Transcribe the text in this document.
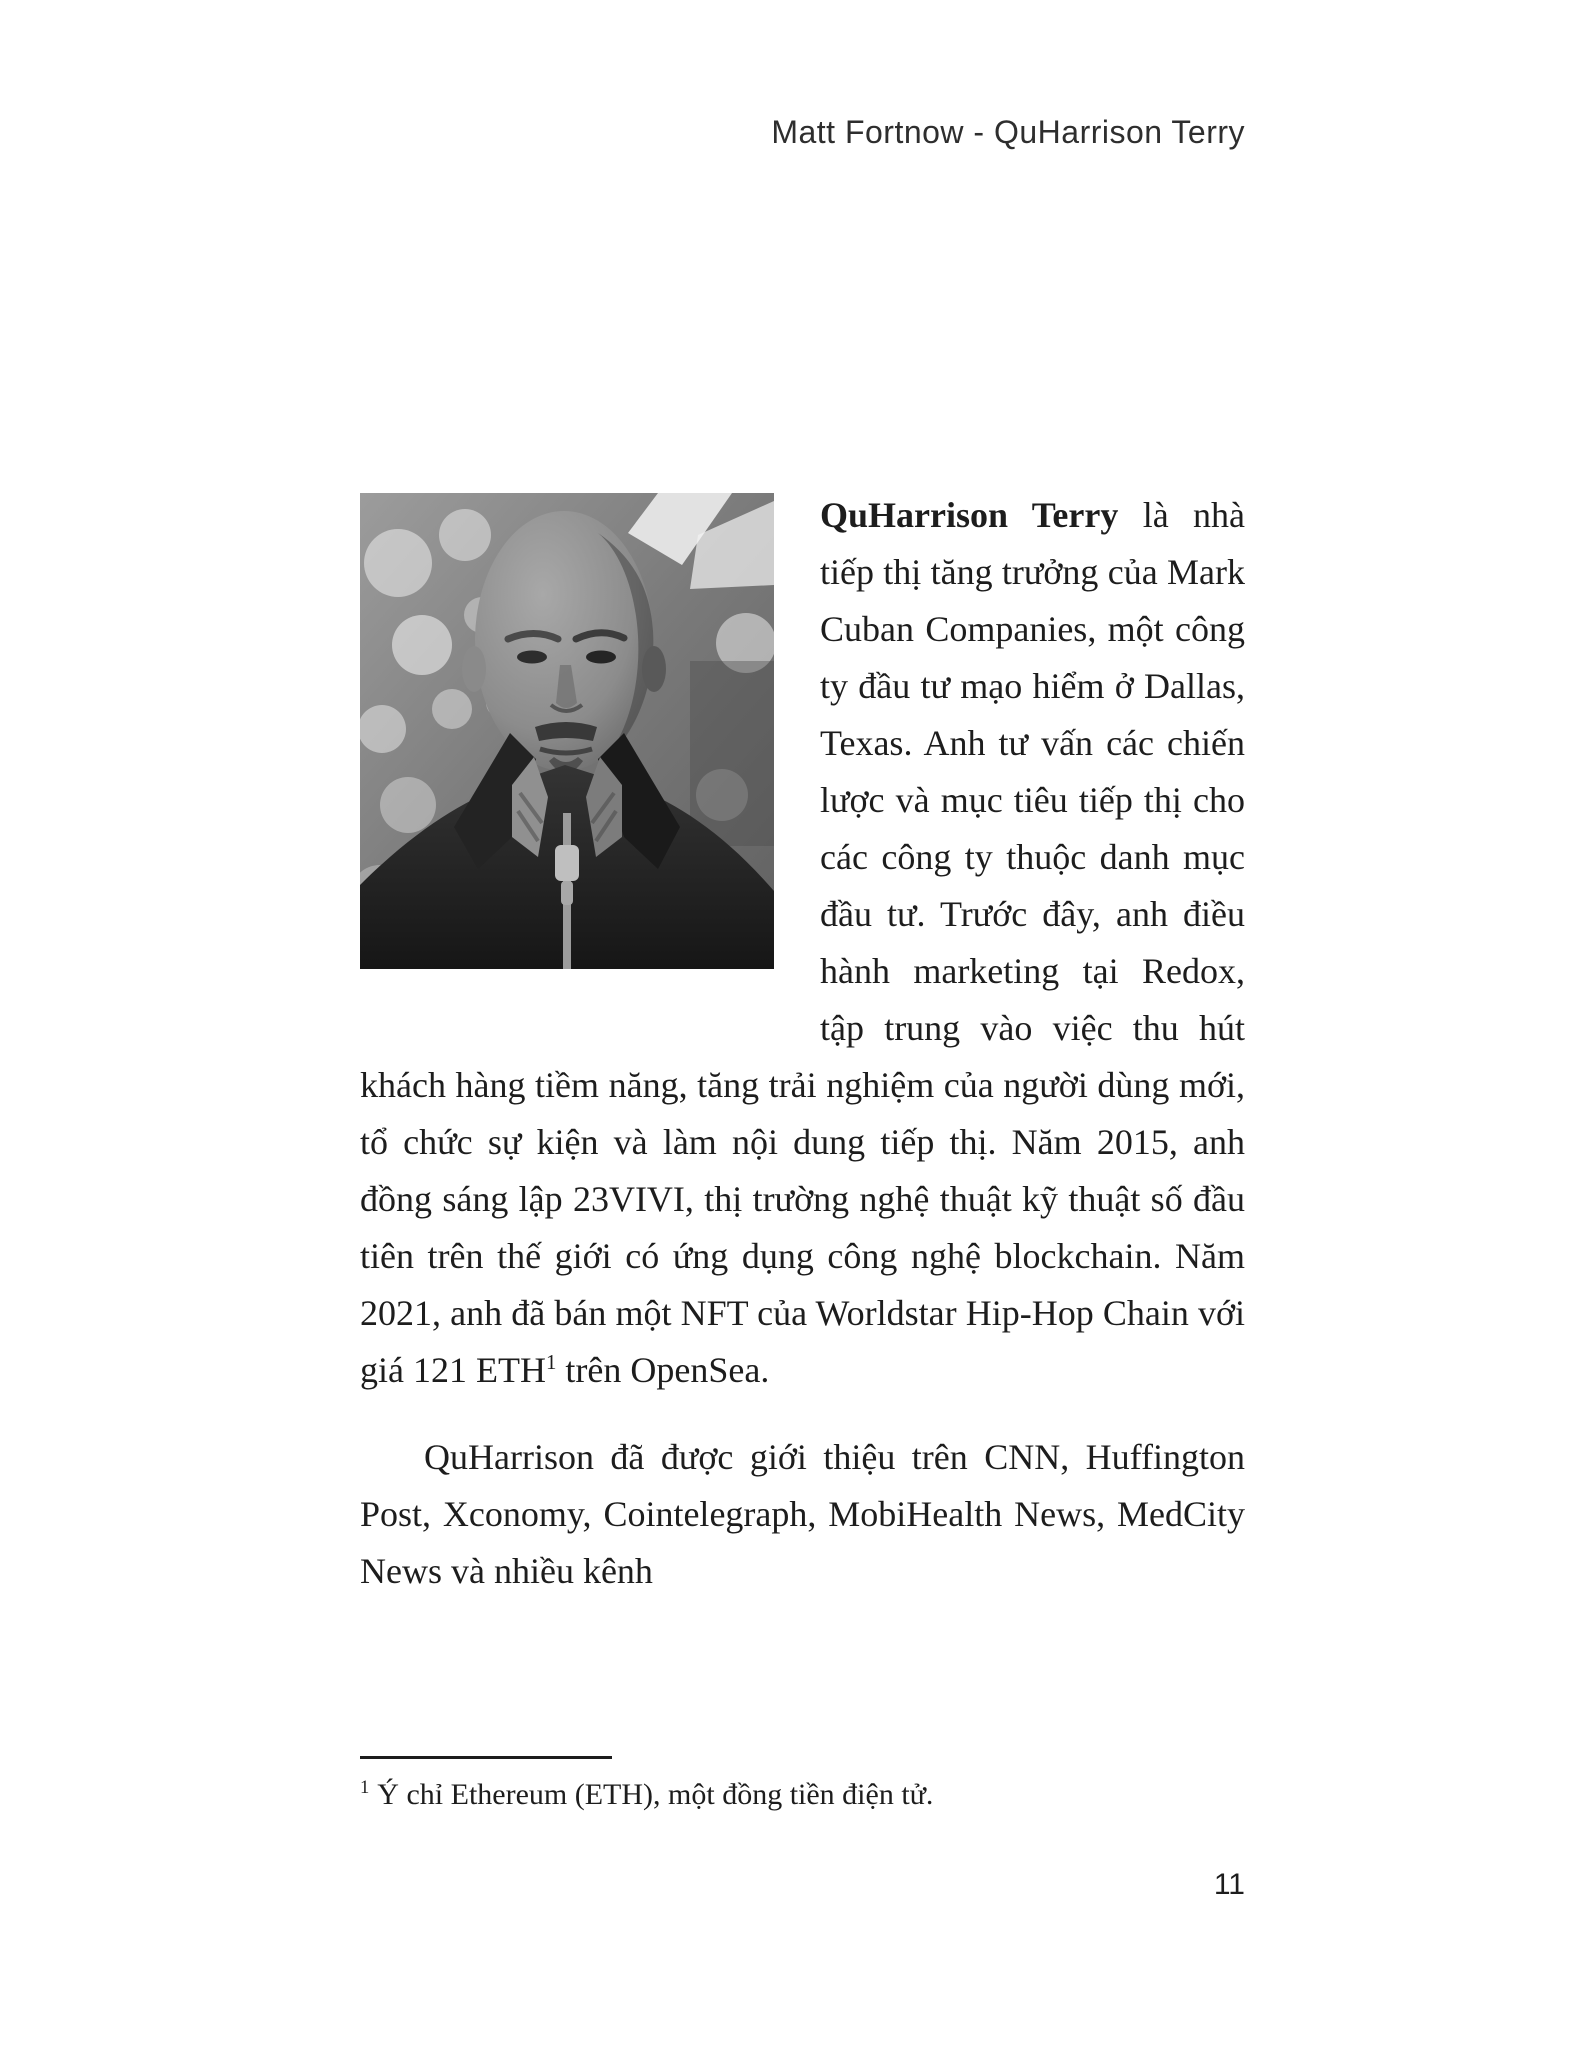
Matt Fortnow - QuHarrison Terry

QuHarrison Terry là nhà tiếp thị tăng trưởng của Mark Cuban Companies, một công ty đầu tư mạo hiểm ở Dallas, Texas. Anh tư vấn các chiến lược và mục tiêu tiếp thị cho các công ty thuộc danh mục đầu tư. Trước đây, anh điều hành marketing tại Redox, tập trung vào việc thu hút khách hàng tiềm năng, tăng trải nghiệm của người dùng mới, tổ chức sự kiện và làm nội dung tiếp thị. Năm 2015, anh đồng sáng lập 23VIVI, thị trường nghệ thuật kỹ thuật số đầu tiên trên thế giới có ứng dụng công nghệ blockchain. Năm 2021, anh đã bán một NFT của Worldstar Hip-Hop Chain với giá 121 ETH$^1$ trên OpenSea.

QuHarrison đã được giới thiệu trên CNN, Huffington Post, Xconomy, Cointelegraph, MobiHealth News, MedCity News và nhiều kênh

$^1$ Ý chỉ Ethereum (ETH), một đồng tiền điện tử.
11
